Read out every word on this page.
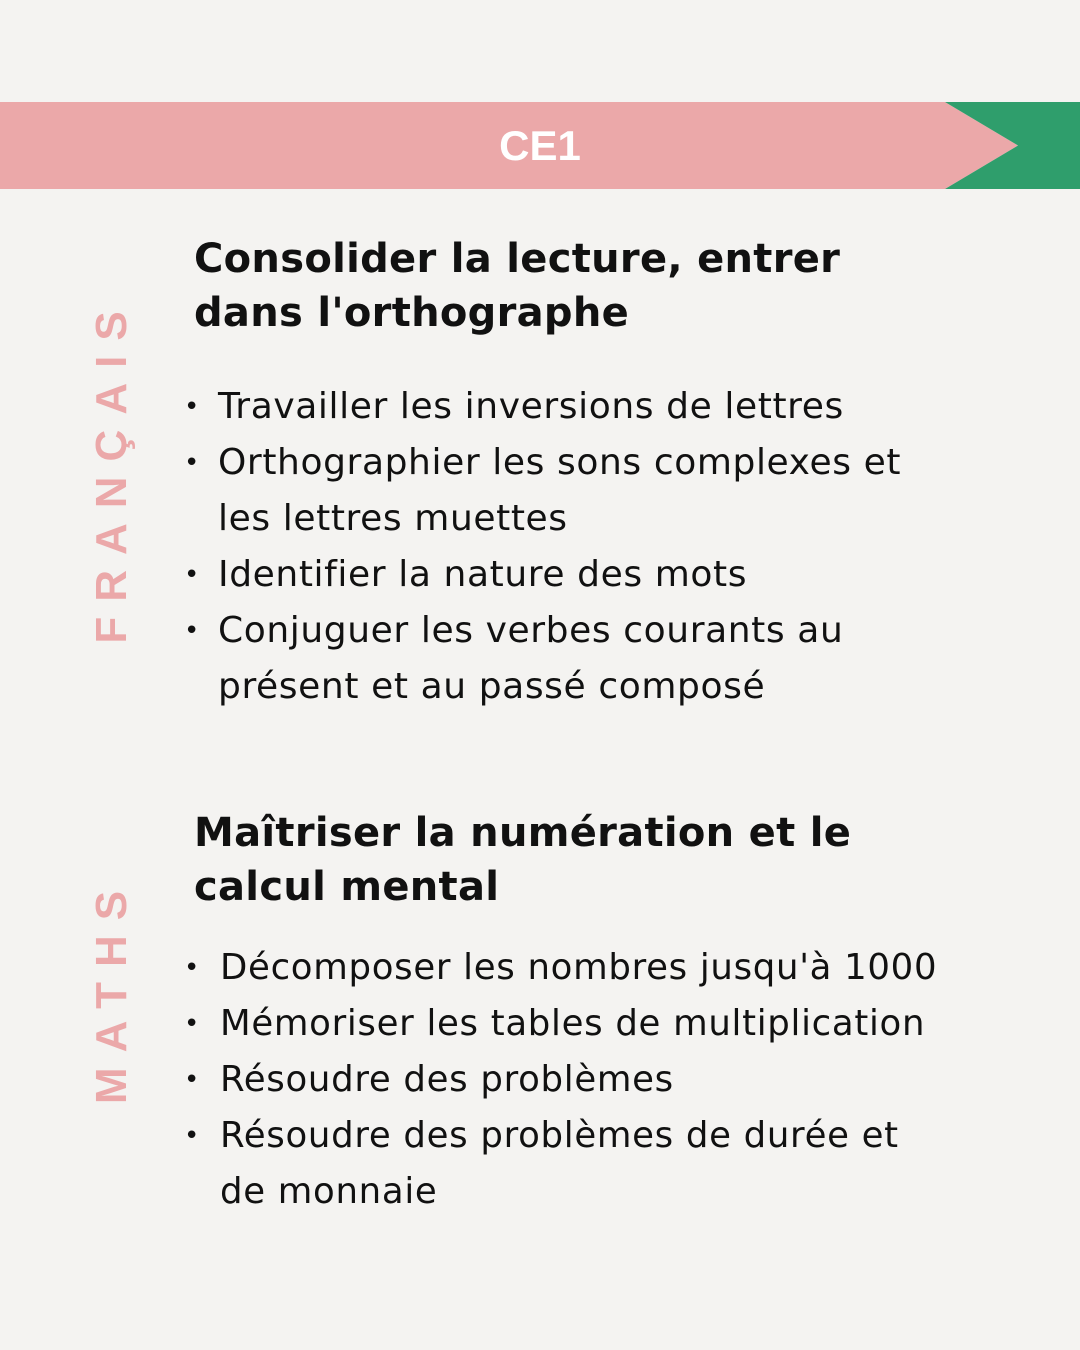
CE1
FRANÇAIS
Consolider la lecture, entrer
dans l'orthographe
• Travailler les inversions de lettres
• Orthographier les sons complexes et
les lettres muettes
• Identifier la nature des mots
• Conjuguer les verbes courants au
présent et au passé composé
MATHS
Maîtriser la numération et le
calcul mental
• Décomposer les nombres jusqu'à 1000
• Mémoriser les tables de multiplication
• Résoudre des problèmes
• Résoudre des problèmes de durée et
de monnaie
